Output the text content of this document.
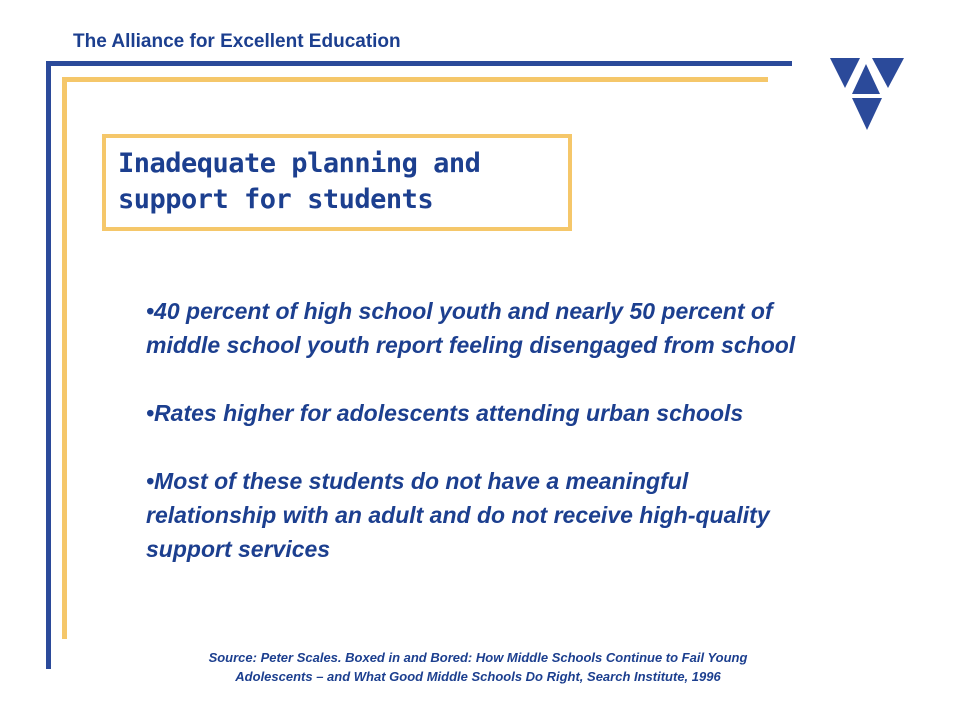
The Alliance for Excellent Education
Inadequate planning and
support for students
•40 percent of high school youth and nearly 50 percent of middle school youth report feeling disengaged from school
•Rates higher for adolescents attending urban schools
•Most of these students do not have a meaningful relationship with an adult and do not receive high-quality support services
Source: Peter Scales. Boxed in and Bored: How Middle Schools Continue to Fail Young
Adolescents – and What Good Middle Schools Do Right, Search Institute, 1996
